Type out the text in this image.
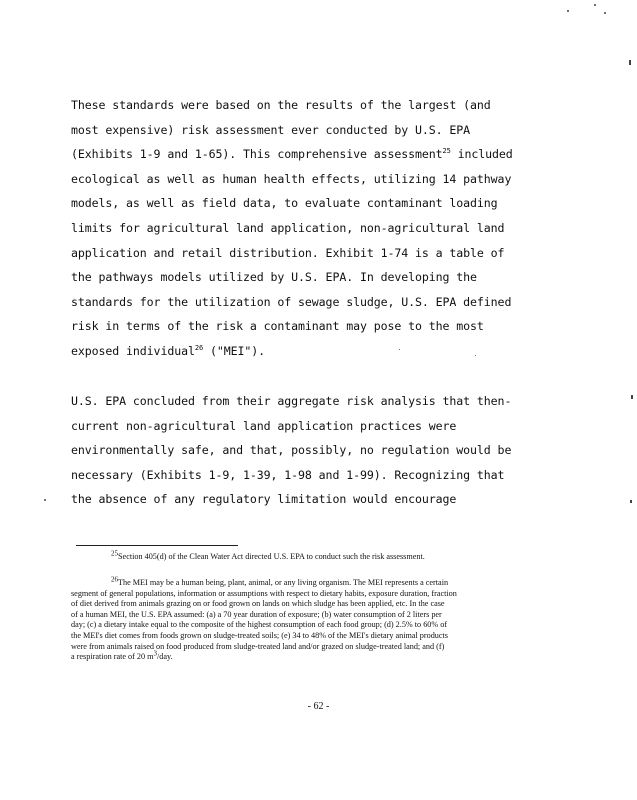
These standards were based on the results of the largest (and
most expensive) risk assessment ever conducted by U.S. EPA
(Exhibits 1-9 and 1-65). This comprehensive assessment$^{25}$ included
ecological as well as human health effects, utilizing 14 pathway
models, as well as field data, to evaluate contaminant loading
limits for agricultural land application, non-agricultural land
application and retail distribution. Exhibit 1-74 is a table of
the pathways models utilized by U.S. EPA. In developing the
standards for the utilization of sewage sludge, U.S. EPA defined
risk in terms of the risk a contaminant may pose to the most
exposed individual$^{26}$ ("MEI").
U.S. EPA concluded from their aggregate risk analysis that then-
current non-agricultural land application practices were
environmentally safe, and that, possibly, no regulation would be
necessary (Exhibits 1-9, 1-39, 1-98 and 1-99). Recognizing that
the absence of any regulatory limitation would encourage
$^{25}$Section 405(d) of the Clean Water Act directed U.S. EPA to conduct such the risk assessment.
$^{26}$The MEI may be a human being, plant, animal, or any living organism. The MEI represents a certain
segment of general populations, information or assumptions with respect to dietary habits, exposure duration, fraction
of diet derived from animals grazing on or food grown on lands on which sludge has been applied, etc. In the case
of a human MEI, the U.S. EPA assumed: (a) a 70 year duration of exposure; (b) water consumption of 2 liters per
day; (c) a dietary intake equal to the composite of the highest consumption of each food group; (d) 2.5% to 60% of
the MEI's diet comes from foods grown on sludge-treated soils; (e) 34 to 48% of the MEI's dietary animal products
were from animals raised on food produced from sludge-treated land and/or grazed on sludge-treated land; and (f)
a respiration rate of 20 $m^3$/day.
- 62 -
